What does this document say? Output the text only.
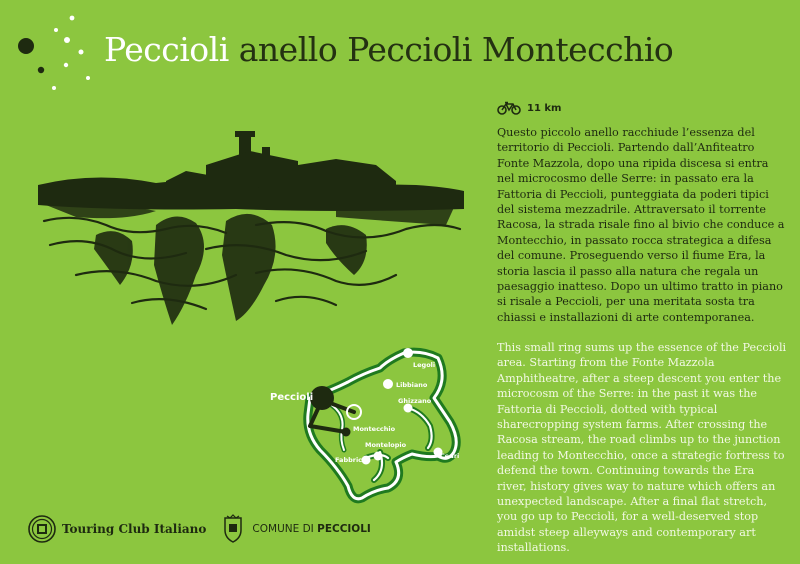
Peccioli anello Peccioli Montecchio
11 km

Questo piccolo anello racchiude l’essenza del territorio di Peccioli. Partendo dall’Anfiteatro Fonte Mazzola, dopo una ripida discesa si entra nel microcosmo delle Serre: in passato era la Fattoria di Peccioli, punteggiata da poderi tipici del sistema mezzadrile. Attraversato il torrente Racosa, la strada risale fino al bivio che conduce a Montecchio, in passato rocca strategica a difesa del comune. Proseguendo verso il fiume Era, la storia lascia il passo alla natura che regala un paesaggio inatteso. Dopo un ultimo tratto in piano si risale a Peccioli, per una meritata sosta tra chiassi e installazioni di arte contemporanea.

This small ring sums up the essence of the Peccioli area. Starting from the Fonte Mazzola Amphitheatre, after a steep descent you enter the microcosm of the Serre: in the past it was the Fattoria di Peccioli, dotted with typical sharecropping system farms. After crossing the Racosa stream, the road climbs up to the junction leading to Montecchio, once a strategic fortress to defend the town. Continuing towards the Era river, history gives way to nature which offers an unexpected landscape. After a final flat stretch, you go up to Peccioli, for a well-deserved stop amidst steep alleyways and contemporary art installations.

Legoli
Libbiano
Ghizzano
Montecchio
Montelopio
Fabbrica	Cedri
Peccioli
Touring Club Italiano	COMUNE DI PECCIOLI
